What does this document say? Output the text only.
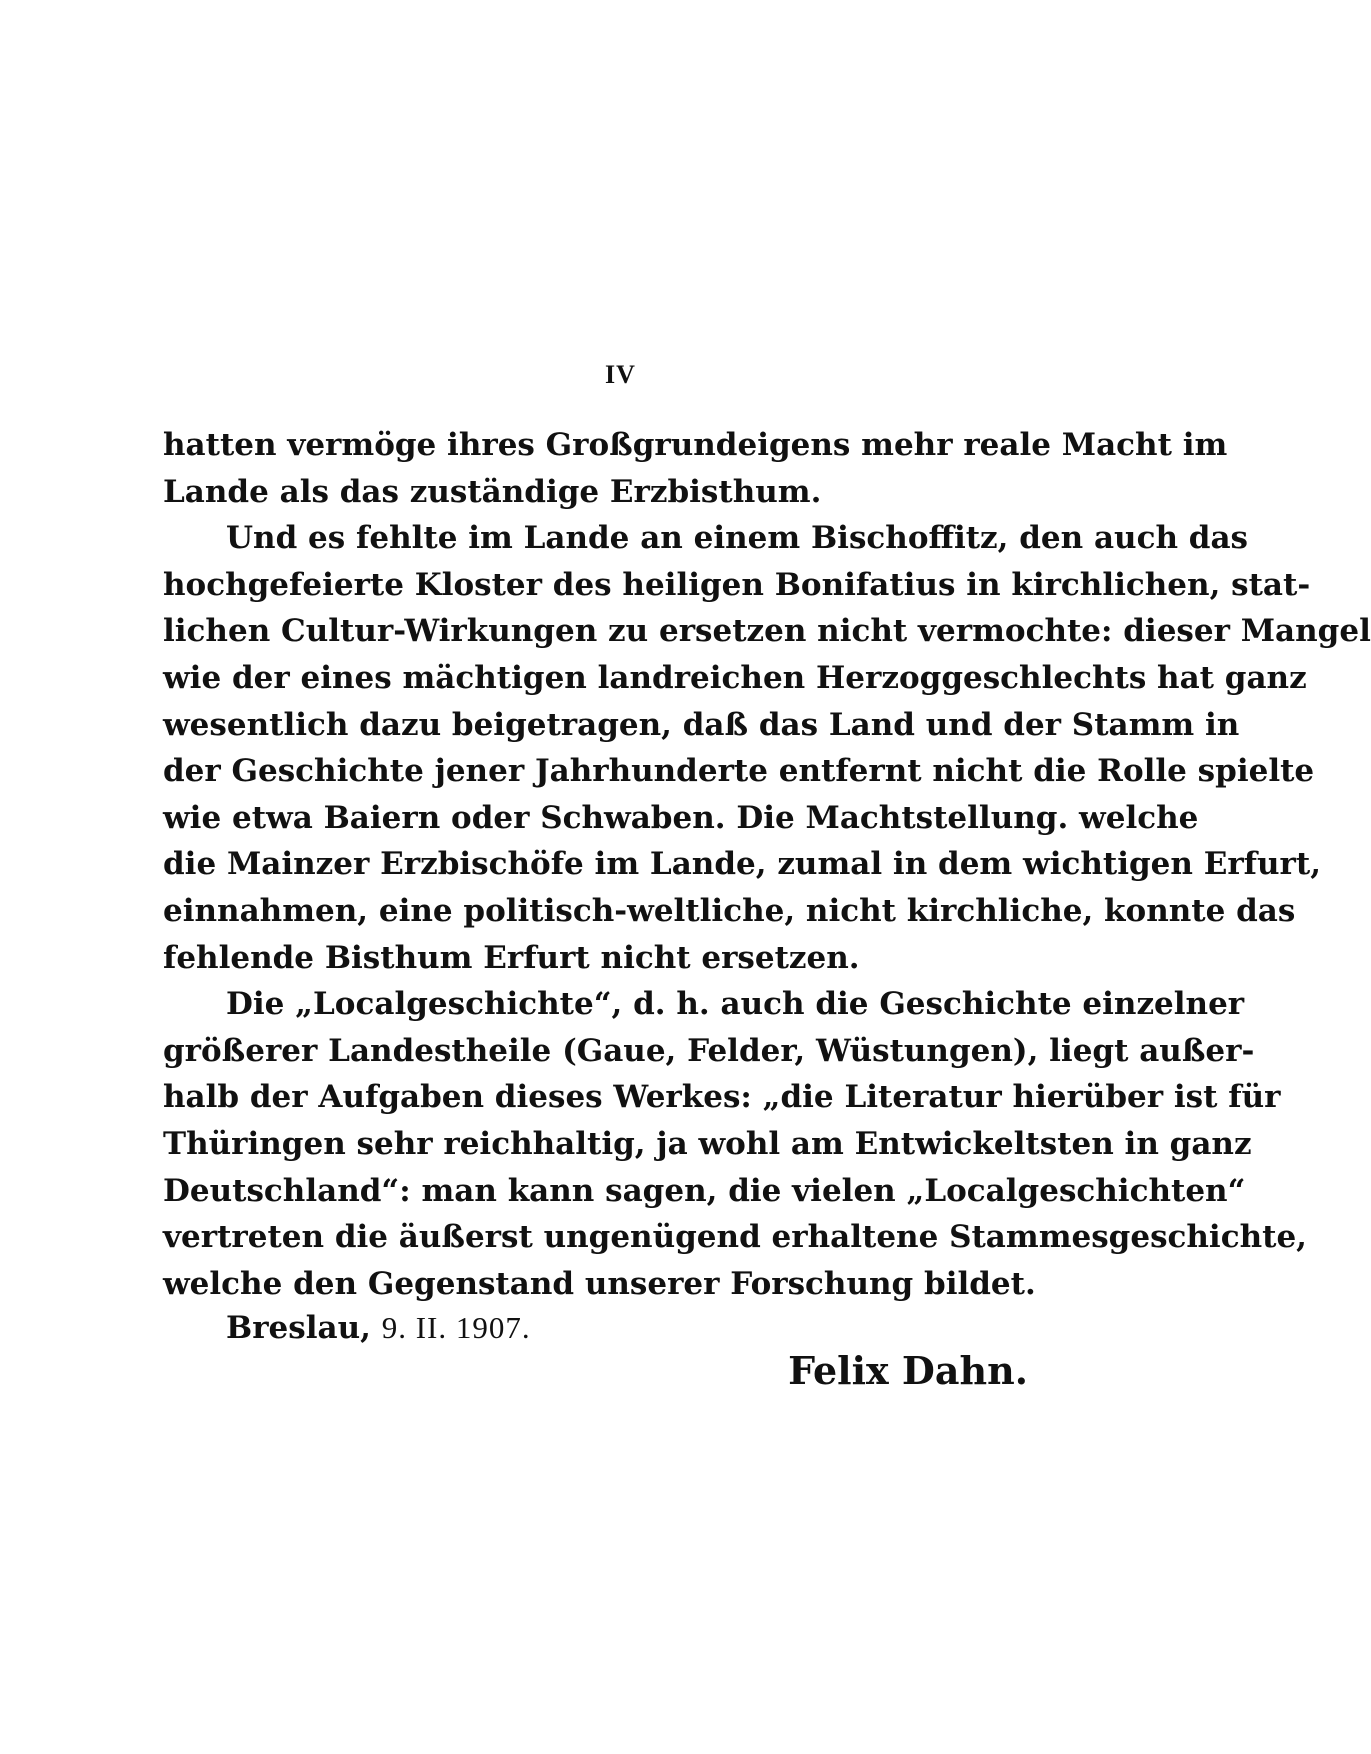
IV
hatten vermöge ihres Großgrundeigens mehr reale Macht im
Lande als das zuständige Erzbisthum.
Und es fehlte im Lande an einem Bischoffitz, den auch das
hochgefeierte Kloster des heiligen Bonifatius in kirchlichen, stat-
lichen Cultur-Wirkungen zu ersetzen nicht vermochte: dieser Mangel
wie der eines mächtigen landreichen Herzoggeschlechts hat ganz
wesentlich dazu beigetragen, daß das Land und der Stamm in
der Geschichte jener Jahrhunderte entfernt nicht die Rolle spielte
wie etwa Baiern oder Schwaben. Die Machtstellung. welche
die Mainzer Erzbischöfe im Lande, zumal in dem wichtigen Erfurt,
einnahmen, eine politisch-weltliche, nicht kirchliche, konnte das
fehlende Bisthum Erfurt nicht ersetzen.
Die „Localgeschichte“, d. h. auch die Geschichte einzelner
größerer Landestheile (Gaue, Felder, Wüstungen), liegt außer-
halb der Aufgaben dieses Werkes: „die Literatur hierüber ist für
Thüringen sehr reichhaltig, ja wohl am Entwickeltsten in ganz
Deutschland“: man kann sagen, die vielen „Localgeschichten“
vertreten die äußerst ungenügend erhaltene Stammesgeschichte,
welche den Gegenstand unserer Forschung bildet.
Breslau, 9. II. 1907.
Felix Dahn.
